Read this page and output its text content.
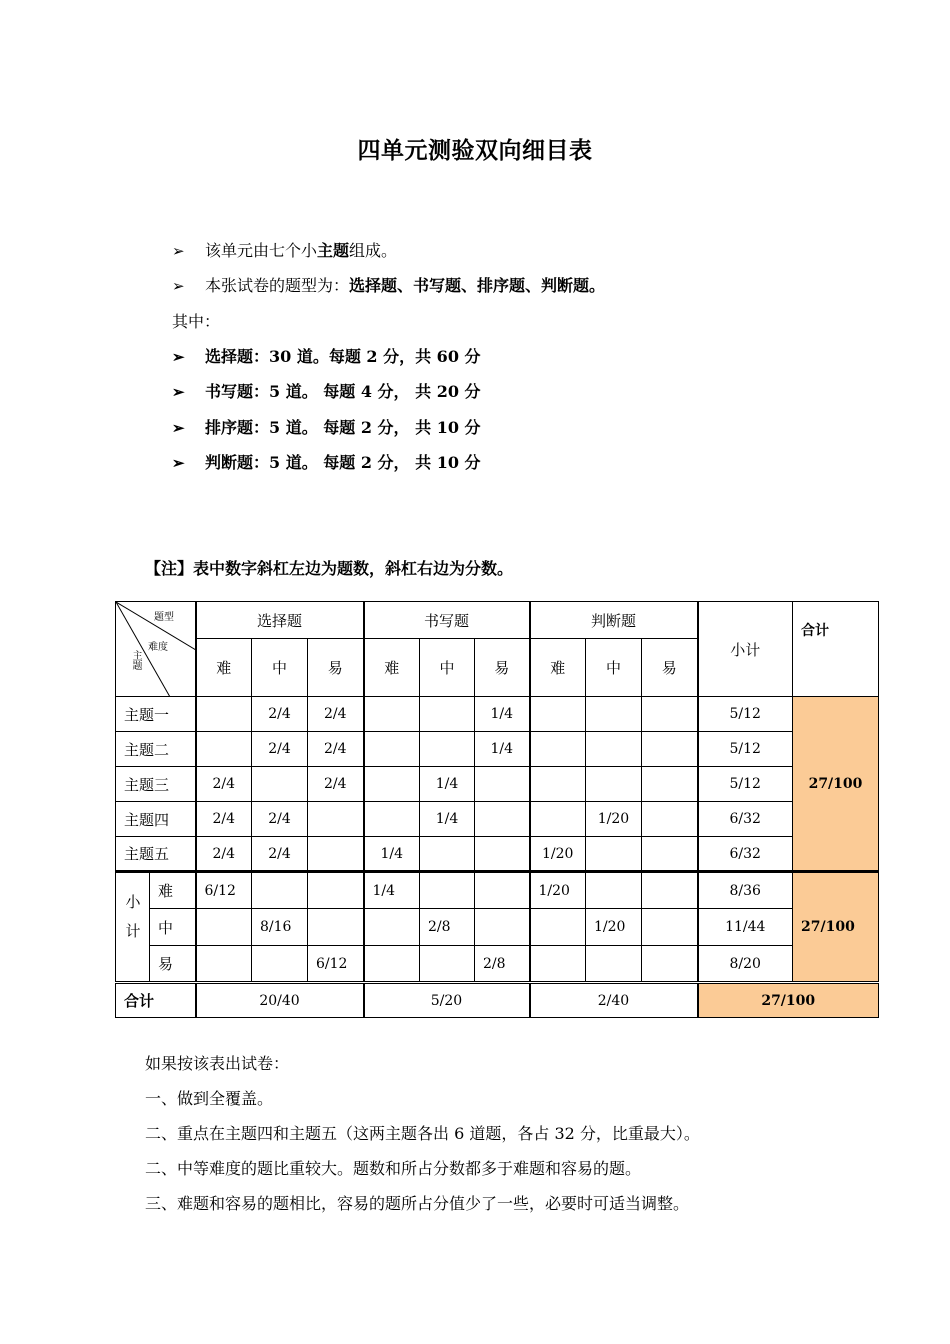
四单元测验双向细目表
➢ 该单元由七个小主题组成。
➢ 本张试卷的题型为：选择题、书写题、排序题、判断题。
其中：
➢ 选择题：30 道。每题 2 分，共 60 分
➢ 书写题：5 道。 每题 4 分， 共 20 分
➢ 排序题：5 道。 每题 2 分， 共 10 分
➢ 判断题：5 道。 每题 2 分， 共 10 分
【注】表中数字斜杠左边为题数，斜杠右边为分数。
题型
难度
主题		选择题			书写题			判断题			小计	合计
		难	中	易	难	中	易	难	中	易		
主题一			2/4	2/4			1/4				5/12	27/100
主题二			2/4	2/4			1/4				5/12	
主题三		2/4		2/4		1/4					5/12	
主题四		2/4	2/4			1/4			1/20		6/32	
主题五		2/4	2/4		1/4			1/20			6/32	
小计	难	6/12			1/4			1/20			8/36	27/100
	中		8/16			2/8			1/20		11/44	
	易			6/12			2/8				8/20	
合计		20/40			5/20			2/40			27/100	
如果按该表出试卷：
一、做到全覆盖。
二、重点在主题四和主题五（这两主题各出 6 道题，各占 32 分，比重最大）。
二、中等难度的题比重较大。题数和所占分数都多于难题和容易的题。
三、难题和容易的题相比，容易的题所占分值少了一些，必要时可适当调整。
